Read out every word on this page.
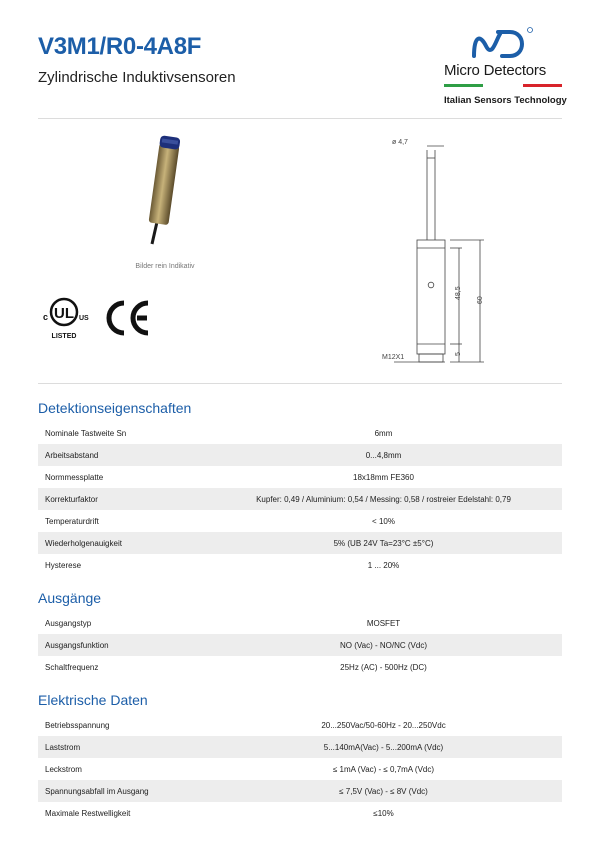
V3M1/R0-4A8F
Zylindrische Induktivsensoren	Micro Detectors
Italian Sensors Technology
Bilder rein Indikativ
UL
c	US
LISTED
ø 4,7
48,5
60
5
M12X1
Detektionseigenschaften
Nominale Tastweite Sn	6mm
Arbeitsabstand	0...4,8mm
Normmessplatte	18x18mm FE360
Korrekturfaktor	Kupfer: 0,49 / Aluminium: 0,54 / Messing: 0,58 / rostreier Edelstahl: 0,79
Temperaturdrift	< 10%
Wiederholgenauigkeit	5% (UB 24V Ta=23°C ±5°C)
Hysterese	1 ... 20%
Ausgänge
Ausgangstyp	MOSFET
Ausgangsfunktion	NO (Vac) - NO/NC (Vdc)
Schaltfrequenz	25Hz (AC) - 500Hz (DC)
Elektrische Daten
Betriebsspannung	20...250Vac/50-60Hz - 20...250Vdc
Laststrom	5...140mA(Vac) - 5...200mA (Vdc)
Leckstrom	≤ 1mA (Vac) - ≤ 0,7mA (Vdc)
Spannungsabfall im Ausgang	≤ 7,5V (Vac) - ≤ 8V (Vdc)
Maximale Restwelligkeit	≤10%
